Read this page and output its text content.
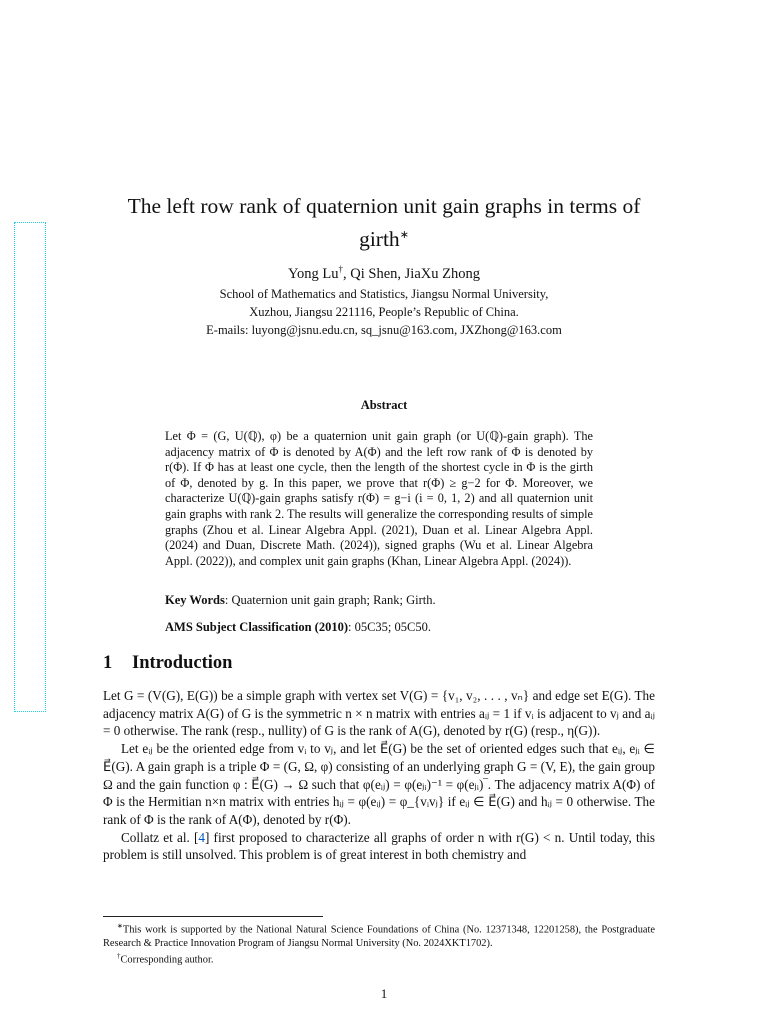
The left row rank of quaternion unit gain graphs in terms of
girth∗
Yong Lu†, Qi Shen, JiaXu Zhong
School of Mathematics and Statistics, Jiangsu Normal University,
Xuzhou, Jiangsu 221116, People’s Republic of China.
E-mails: luyong@jsnu.edu.cn, sq_jsnu@163.com, JXZhong@163.com
Abstract
Let Φ = (G, U(ℚ), φ) be a quaternion unit gain graph (or U(ℚ)-gain graph). The adjacency matrix of Φ is denoted by A(Φ) and the left row rank of Φ is denoted by r(Φ). If Φ has at least one cycle, then the length of the shortest cycle in Φ is the girth of Φ, denoted by g. In this paper, we prove that r(Φ) ≥ g−2 for Φ. Moreover, we characterize U(ℚ)-gain graphs satisfy r(Φ) = g−i (i = 0, 1, 2) and all quaternion unit gain graphs with rank 2. The results will generalize the corresponding results of simple graphs (Zhou et al. Linear Algebra Appl. (2021), Duan et al. Linear Algebra Appl. (2024) and Duan, Discrete Math. (2024)), signed graphs (Wu et al. Linear Algebra Appl. (2022)), and complex unit gain graphs (Khan, Linear Algebra Appl. (2024)).
Key Words: Quaternion unit gain graph; Rank; Girth.
AMS Subject Classification (2010): 05C35; 05C50.
1 Introduction

Let G = (V(G), E(G)) be a simple graph with vertex set V(G) = {v₁, v₂, . . . , vₙ} and edge set E(G). The adjacency matrix A(G) of G is the symmetric n × n matrix with entries aᵢⱼ = 1 if vᵢ is adjacent to vⱼ and aᵢⱼ = 0 otherwise. The rank (resp., nullity) of G is the rank of A(G), denoted by r(G) (resp., η(G)).

Let eᵢⱼ be the oriented edge from vᵢ to vⱼ, and let E⃗(G) be the set of oriented edges such that eᵢⱼ, eⱼᵢ ∈ E⃗(G). A gain graph is a triple Φ = (G, Ω, φ) consisting of an underlying graph G = (V, E), the gain group Ω and the gain function φ : E⃗(G) → Ω such that φ(eᵢⱼ) = φ(eⱼᵢ)⁻¹ = φ(eⱼᵢ)‾. The adjacency matrix A(Φ) of Φ is the Hermitian n×n matrix with entries hᵢⱼ = φ(eᵢⱼ) = φ_{vᵢvⱼ} if eᵢⱼ ∈ E⃗(G) and hᵢⱼ = 0 otherwise. The rank of Φ is the rank of A(Φ), denoted by r(Φ).

Collatz et al. [4] first proposed to characterize all graphs of order n with r(G) < n. Until today, this problem is still unsolved. This problem is of great interest in both chemistry and

∗This work is supported by the National Natural Science Foundations of China (No. 12371348, 12201258), the Postgraduate Research & Practice Innovation Program of Jiangsu Normal University (No. 2024XKT1702).

†Corresponding author.

1
